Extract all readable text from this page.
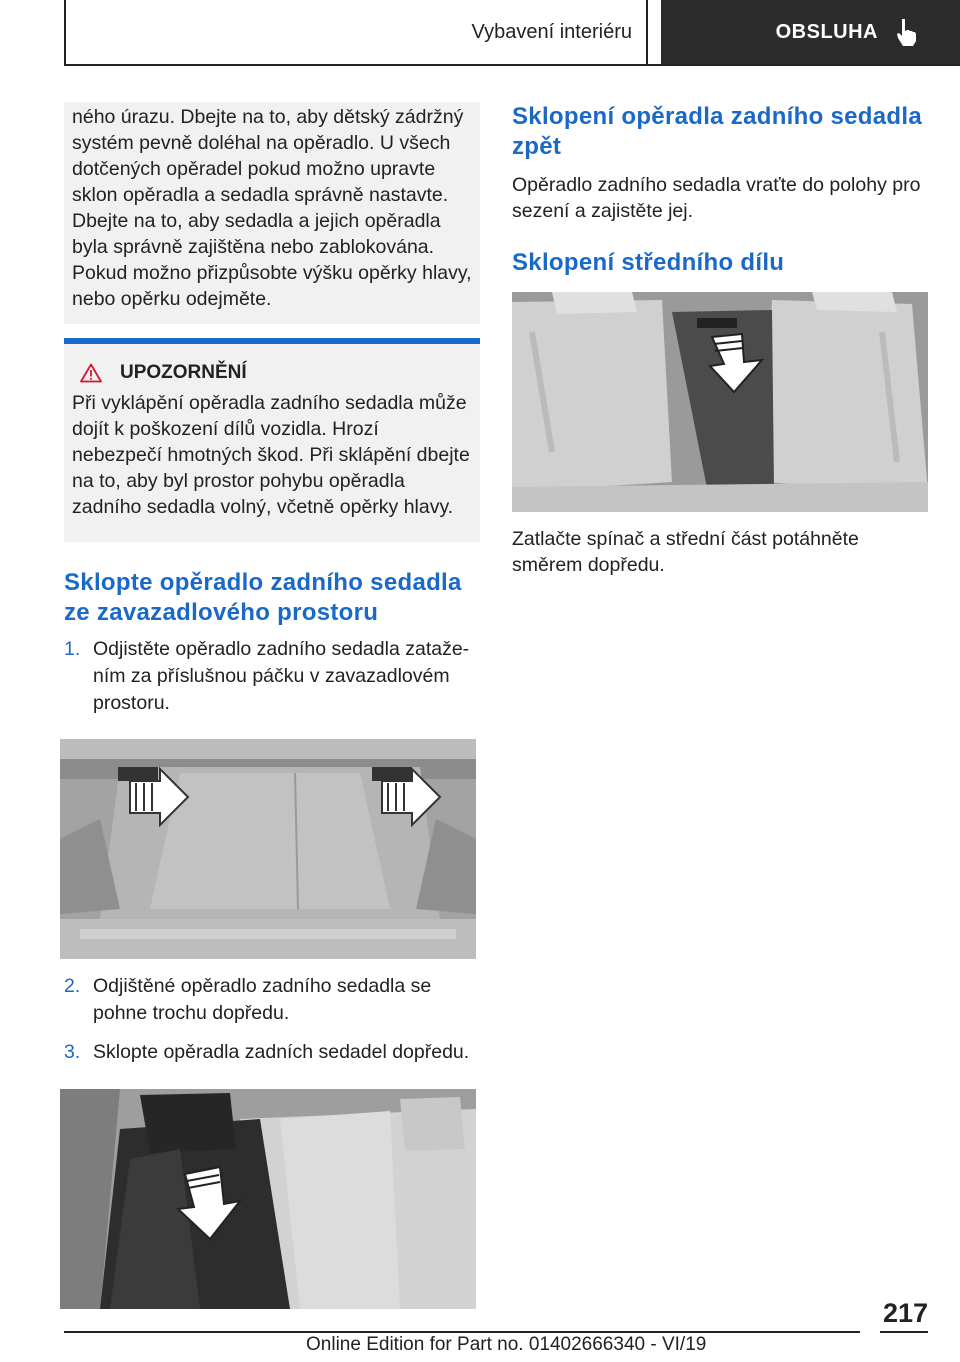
Vybavení interiéru	OBSLUHA

ného úrazu. Dbejte na to, aby dětský zádržný systém pevně doléhal na opěradlo. U všech dotčených opěradel pokud možno upravte sklon opěradla a sedadla správně nastavte. Dbejte na to, aby sedadla a jejich opěradla byla správně zajištěna nebo zablokována. Pokud možno přizpůsobte výšku opěrky hlavy, nebo opěrku odejměte.

UPOZORNĚNÍ

Při vyklápění opěradla zadního sedadla může dojít k poškození dílů vozidla. Hrozí nebezpečí hmotných škod. Při sklápění dbejte na to, aby byl prostor pohybu opěradla zadního sedadla volný, včetně opěrky hlavy.

Sklopte opěradlo zadního sedadla ze zavazadlového prostoru
1. Odjistěte opěradlo zadního sedadla zatažením za příslušnou páčku v zavazadlovém prostoru.
2. Odjištěné opěradlo zadního sedadla se pohne trochu dopředu.
3. Sklopte opěradla zadních sedadel dopředu.
Sklopení opěradla zadního sedadla zpět

Opěradlo zadního sedadla vraťte do polohy pro sezení a zajistěte jej.

Sklopení středního dílu

Zatlačte spínač a střední část potáhněte směrem dopředu.

217
Online Edition for Part no. 01402666340 - VI/19
